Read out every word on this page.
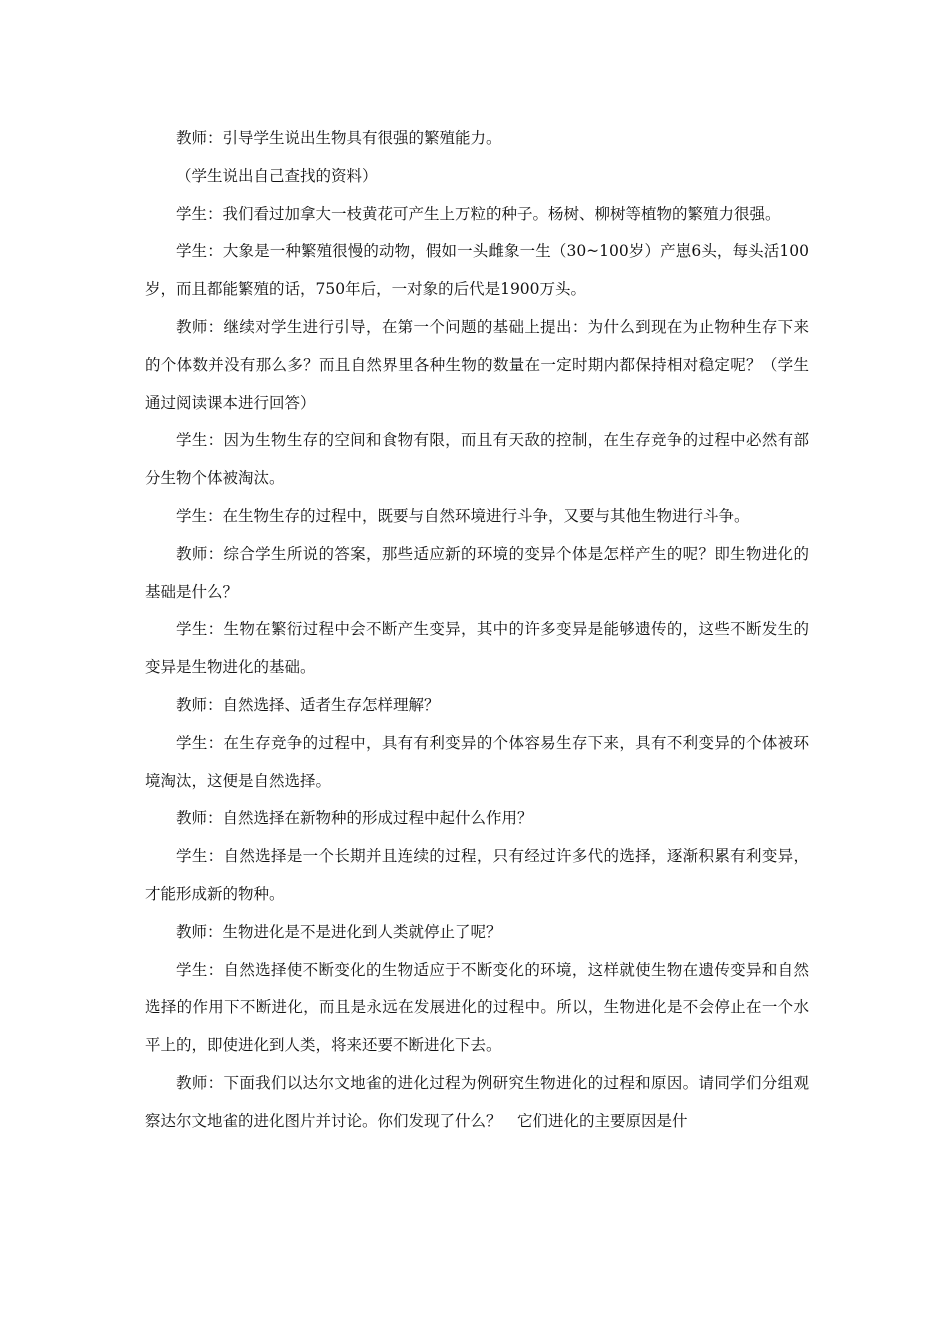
教师：引导学生说出生物具有很强的繁殖能力。

（学生说出自己查找的资料）

学生：我们看过加拿大一枝黄花可产生上万粒的种子。杨树、柳树等植物的繁殖力很强。

学生：大象是一种繁殖很慢的动物，假如一头雌象一生（30~100岁）产崽6头，每头活100岁，而且都能繁殖的话，750年后，一对象的后代是1900万头。

教师：继续对学生进行引导，在第一个问题的基础上提出：为什么到现在为止物种生存下来的个体数并没有那么多？而且自然界里各种生物的数量在一定时期内都保持相对稳定呢？（学生通过阅读课本进行回答）

学生：因为生物生存的空间和食物有限，而且有天敌的控制，在生存竞争的过程中必然有部分生物个体被淘汰。

学生：在生物生存的过程中，既要与自然环境进行斗争，又要与其他生物进行斗争。

教师：综合学生所说的答案，那些适应新的环境的变异个体是怎样产生的呢？即生物进化的基础是什么？

学生：生物在繁衍过程中会不断产生变异，其中的许多变异是能够遗传的，这些不断发生的变异是生物进化的基础。

教师：自然选择、适者生存怎样理解？

学生：在生存竞争的过程中，具有有利变异的个体容易生存下来，具有不利变异的个体被环境淘汰，这便是自然选择。

教师：自然选择在新物种的形成过程中起什么作用？

学生：自然选择是一个长期并且连续的过程，只有经过许多代的选择，逐渐积累有利变异，才能形成新的物种。

教师：生物进化是不是进化到人类就停止了呢？

学生：自然选择使不断变化的生物适应于不断变化的环境，这样就使生物在遗传变异和自然选择的作用下不断进化，而且是永远在发展进化的过程中。所以，生物进化是不会停止在一个水平上的，即使进化到人类，将来还要不断进化下去。

教师：下面我们以达尔文地雀的进化过程为例研究生物进化的过程和原因。请同学们分组观察达尔文地雀的进化图片并讨论。你们发现了什么？　它们进化的主要原因是什
